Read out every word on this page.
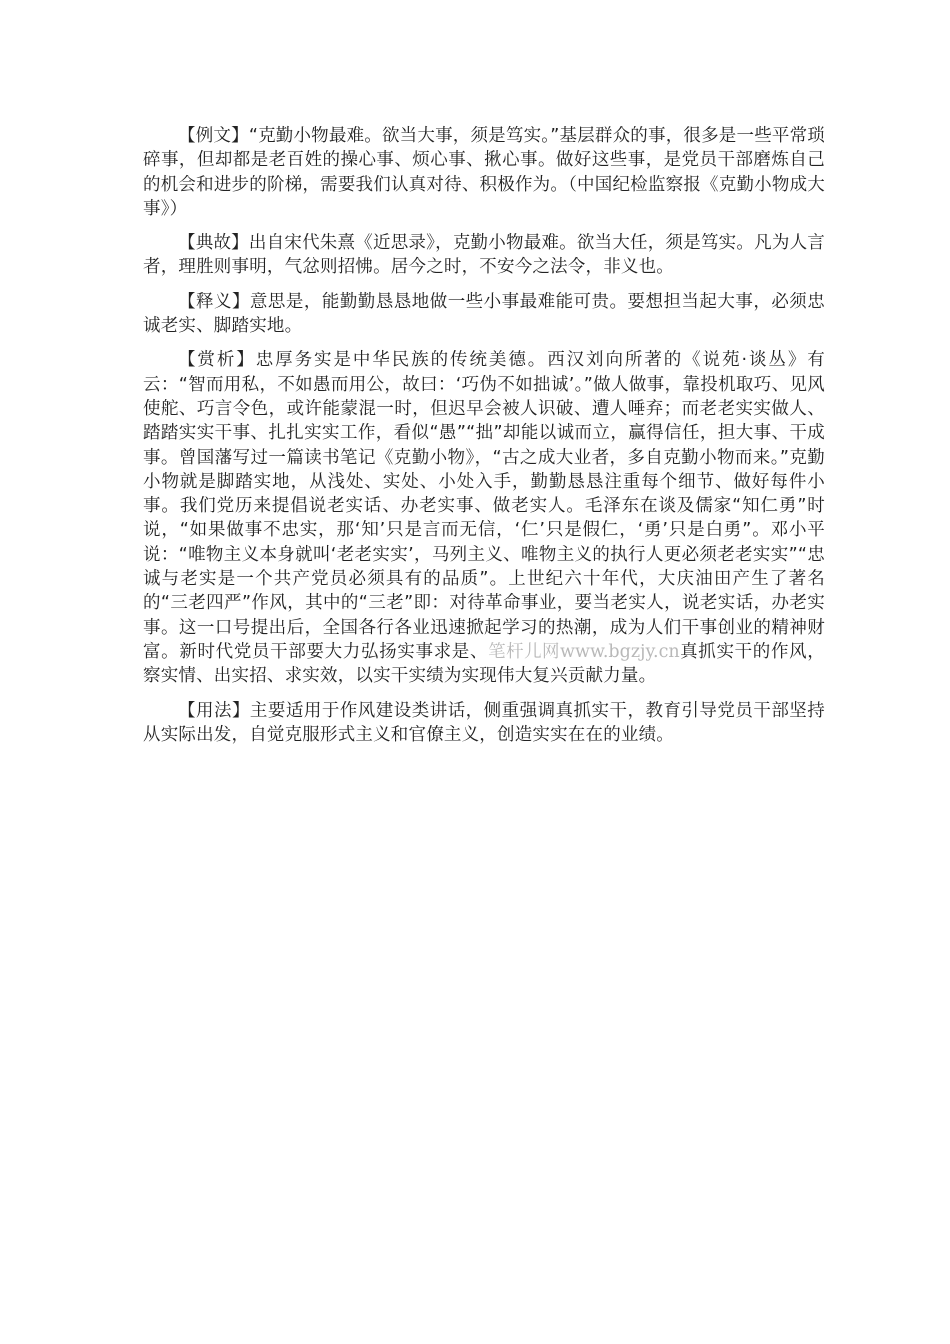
【例文】“克勤小物最难。欲当大事，须是笃实。”基层群众的事，很多是一些平常琐碎事，但却都是老百姓的操心事、烦心事、揪心事。做好这些事，是党员干部磨炼自己的机会和进步的阶梯，需要我们认真对待、积极作为。（中国纪检监察报《克勤小物成大事》）

【典故】出自宋代朱熹《近思录》，克勤小物最难。欲当大任，须是笃实。凡为人言者，理胜则事明，气忿则招怫。居今之时，不安今之法令，非义也。

【释义】意思是，能勤勤恳恳地做一些小事最难能可贵。要想担当起大事，必须忠诚老实、脚踏实地。

【赏析】忠厚务实是中华民族的传统美德。西汉刘向所著的《说苑·谈丛》有云：“智而用私，不如愚而用公，故曰：‘巧伪不如拙诚’。”做人做事，靠投机取巧、见风使舵、巧言令色，或许能蒙混一时，但迟早会被人识破、遭人唾弃；而老老实实做人、踏踏实实干事、扎扎实实工作，看似“愚”“拙”却能以诚而立，赢得信任，担大事、干成事。曾国藩写过一篇读书笔记《克勤小物》，“古之成大业者，多自克勤小物而来。”克勤小物就是脚踏实地，从浅处、实处、小处入手，勤勤恳恳注重每个细节、做好每件小事。我们党历来提倡说老实话、办老实事、做老实人。毛泽东在谈及儒家“知仁勇”时说，“如果做事不忠实，那‘知’只是言而无信，‘仁’只是假仁，‘勇’只是白勇”。邓小平说：“唯物主义本身就叫‘老老实实’，马列主义、唯物主义的执行人更必须老老实实”“忠诚与老实是一个共产党员必须具有的品质”。上世纪六十年代，大庆油田产生了著名的“三老四严”作风，其中的“三老”即：对待革命事业，要当老实人，说老实话，办老实事。这一口号提出后，全国各行各业迅速掀起学习的热潮，成为人们干事创业的精神财富。新时代党员干部要大力弘扬实事求是、笔杆儿网www.bgzjy.cn真抓实干的作风，察实情、出实招、求实效，以实干实绩为实现伟大复兴贡献力量。

【用法】主要适用于作风建设类讲话，侧重强调真抓实干，教育引导党员干部坚持从实际出发，自觉克服形式主义和官僚主义，创造实实在在的业绩。
